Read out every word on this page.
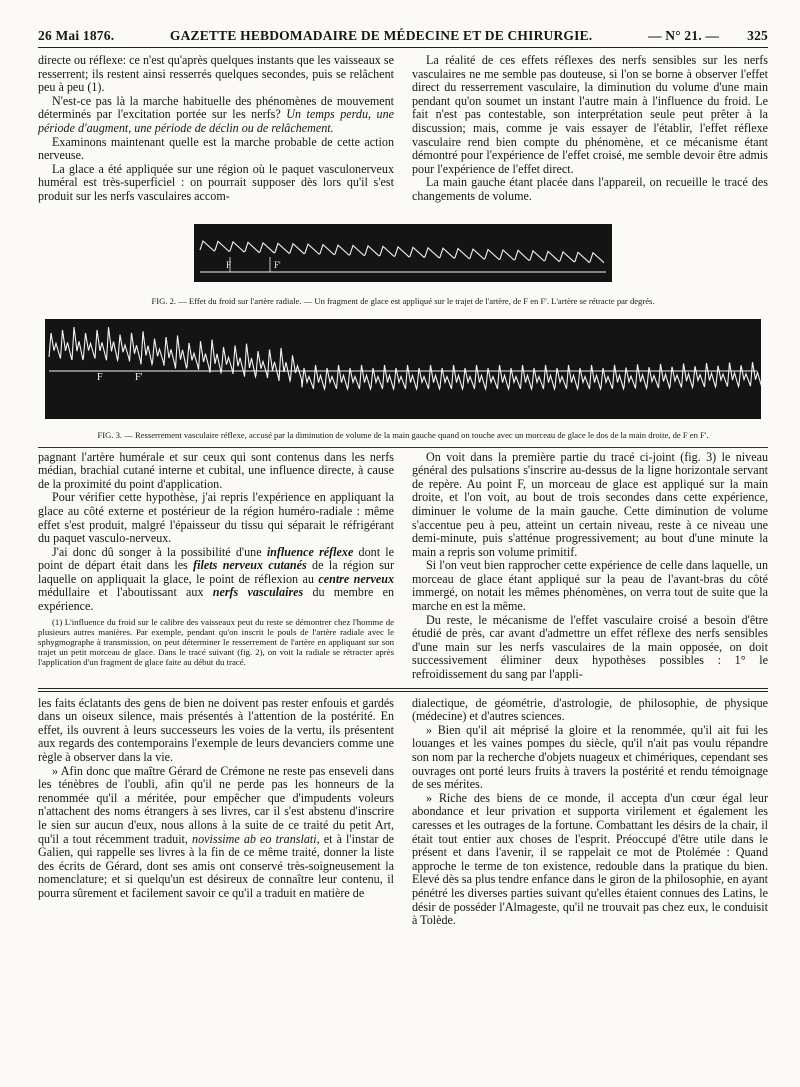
26 Mai 1876.	GAZETTE HEBDOMADAIRE DE MÉDECINE ET DE CHIRURGIE.	— N° 21. — 325

directe ou réflexe: ce n'est qu'après quelques instants que les vaisseaux se resserrent; ils restent ainsi resserrés quelques secondes, puis se relâchent peu à peu (1).

N'est-ce pas là la marche habituelle des phénomènes de mouvement déterminés par l'excitation portée sur les nerfs? Un temps perdu, une période d'augment, une période de déclin ou de relâchement.

Examinons maintenant quelle est la marche probable de cette action nerveuse.

La glace a été appliquée sur une région où le paquet vasculonerveux huméral est très-superficiel : on pourrait supposer dès lors qu'il s'est produit sur les nerfs vasculaires accom-

La réalité de ces effets réflexes des nerfs sensibles sur les nerfs vasculaires ne me semble pas douteuse, si l'on se borne à observer l'effet direct du resserrement vasculaire, la diminution du volume d'une main pendant qu'on soumet un instant l'autre main à l'influence du froid. Le fait n'est pas contestable, son interprétation seule peut prêter à la discussion; mais, comme je vais essayer de l'établir, l'effet réflexe vasculaire rend bien compte du phénomène, et ce mécanisme étant démontré pour l'expérience de l'effet croisé, me semble devoir être admis pour l'expérience de l'effet direct.

La main gauche étant placée dans l'appareil, on recueille le tracé des changements de volume.

F	F'
FIG. 2. — Effet du froid sur l'artère radiale. — Un fragment de glace est appliqué sur le trajet de l'artère, de F en F'. L'artère se rétracte par degrés.
F	F'
FIG. 3. — Resserrement vasculaire réflexe, accusé par la diminution de volume de la main gauche quand on touche avec un morceau de glace le dos de la main droite, de F en F'.

pagnant l'artère humérale et sur ceux qui sont contenus dans les nerfs médian, brachial cutané interne et cubital, une influence directe, à cause de la proximité du point d'application.

Pour vérifier cette hypothèse, j'ai repris l'expérience en appliquant la glace au côté externe et postérieur de la région huméro-radiale : même effet s'est produit, malgré l'épaisseur du tissu qui séparait le réfrigérant du paquet vasculo-nerveux.

J'ai donc dû songer à la possibilité d'une influence réflexe dont le point de départ était dans les filets nerveux cutanés de la région sur laquelle on appliquait la glace, le point de réflexion au centre nerveux médullaire et l'aboutissant aux nerfs vasculaires du membre en expérience.

(1) L'influence du froid sur le calibre des vaisseaux peut du reste se démontrer chez l'homme de plusieurs autres manières. Par exemple, pendant qu'on inscrit le pouls de l'artère radiale avec le sphygmographe à transmission, on peut déterminer le resserrement de l'artère en appliquant sur son trajet un petit morceau de glace. Dans le tracé suivant (fig. 2), on voit la radiale se rétracter après l'application d'un fragment de glace faite au début du tracé.

On voit dans la première partie du tracé ci-joint (fig. 3) le niveau général des pulsations s'inscrire au-dessus de la ligne horizontale servant de repère. Au point F, un morceau de glace est appliqué sur la main droite, et l'on voit, au bout de trois secondes dans cette expérience, diminuer le volume de la main gauche. Cette diminution de volume s'accentue peu à peu, atteint un certain niveau, reste à ce niveau une demi-minute, puis s'atténue progressivement; au bout d'une minute la main a repris son volume primitif.

Si l'on veut bien rapprocher cette expérience de celle dans laquelle, un morceau de glace étant appliqué sur la peau de l'avant-bras du côté immergé, on notait les mêmes phénomènes, on verra tout de suite que la marche en est la même.

Du reste, le mécanisme de l'effet vasculaire croisé a besoin d'être étudié de près, car avant d'admettre un effet réflexe des nerfs sensibles d'une main sur les nerfs vasculaires de la main opposée, on doit successivement éliminer deux hypothèses possibles : 1° le refroidissement du sang par l'appli-

les faits éclatants des gens de bien ne doivent pas rester enfouis et gardés dans un oiseux silence, mais présentés à l'attention de la postérité. En effet, ils ouvrent à leurs successeurs les voies de la vertu, ils présentent aux regards des contemporains l'exemple de leurs devanciers comme une règle à observer dans la vie.

» Afin donc que maître Gérard de Crémone ne reste pas enseveli dans les ténèbres de l'oubli, afin qu'il ne perde pas les honneurs de la renommée qu'il a méritée, pour empêcher que d'impudents voleurs n'attachent des noms étrangers à ses livres, car il s'est abstenu d'inscrire le sien sur aucun d'eux, nous allons à la suite de ce traité du petit Art, qu'il a tout récemment traduit, novissime ab eo translati, et à l'instar de Galien, qui rappelle ses livres à la fin de ce même traité, donner la liste des écrits de Gérard, dont ses amis ont conservé très-soigneusement la nomenclature; et si quelqu'un est désireux de connaître leur contenu, il pourra sûrement et facilement savoir ce qu'il a traduit en matière de

dialectique, de géométrie, d'astrologie, de philosophie, de physique (médecine) et d'autres sciences.

» Bien qu'il ait méprisé la gloire et la renommée, qu'il ait fui les louanges et les vaines pompes du siècle, qu'il n'ait pas voulu répandre son nom par la recherche d'objets nuageux et chimériques, cependant ses ouvrages ont porté leurs fruits à travers la postérité et rendu témoignage de ses mérites.

» Riche des biens de ce monde, il accepta d'un cœur égal leur abondance et leur privation et supporta virilement et également les caresses et les outrages de la fortune. Combattant les désirs de la chair, il était tout entier aux choses de l'esprit. Préoccupé d'être utile dans le présent et dans l'avenir, il se rappelait ce mot de Ptolémée : Quand approche le terme de ton existence, redouble dans la pratique du bien. Elevé dès sa plus tendre enfance dans le giron de la philosophie, en ayant pénétré les diverses parties suivant qu'elles étaient connues des Latins, le désir de posséder l'Almageste, qu'il ne trouvait pas chez eux, le conduisit à Tolède.
